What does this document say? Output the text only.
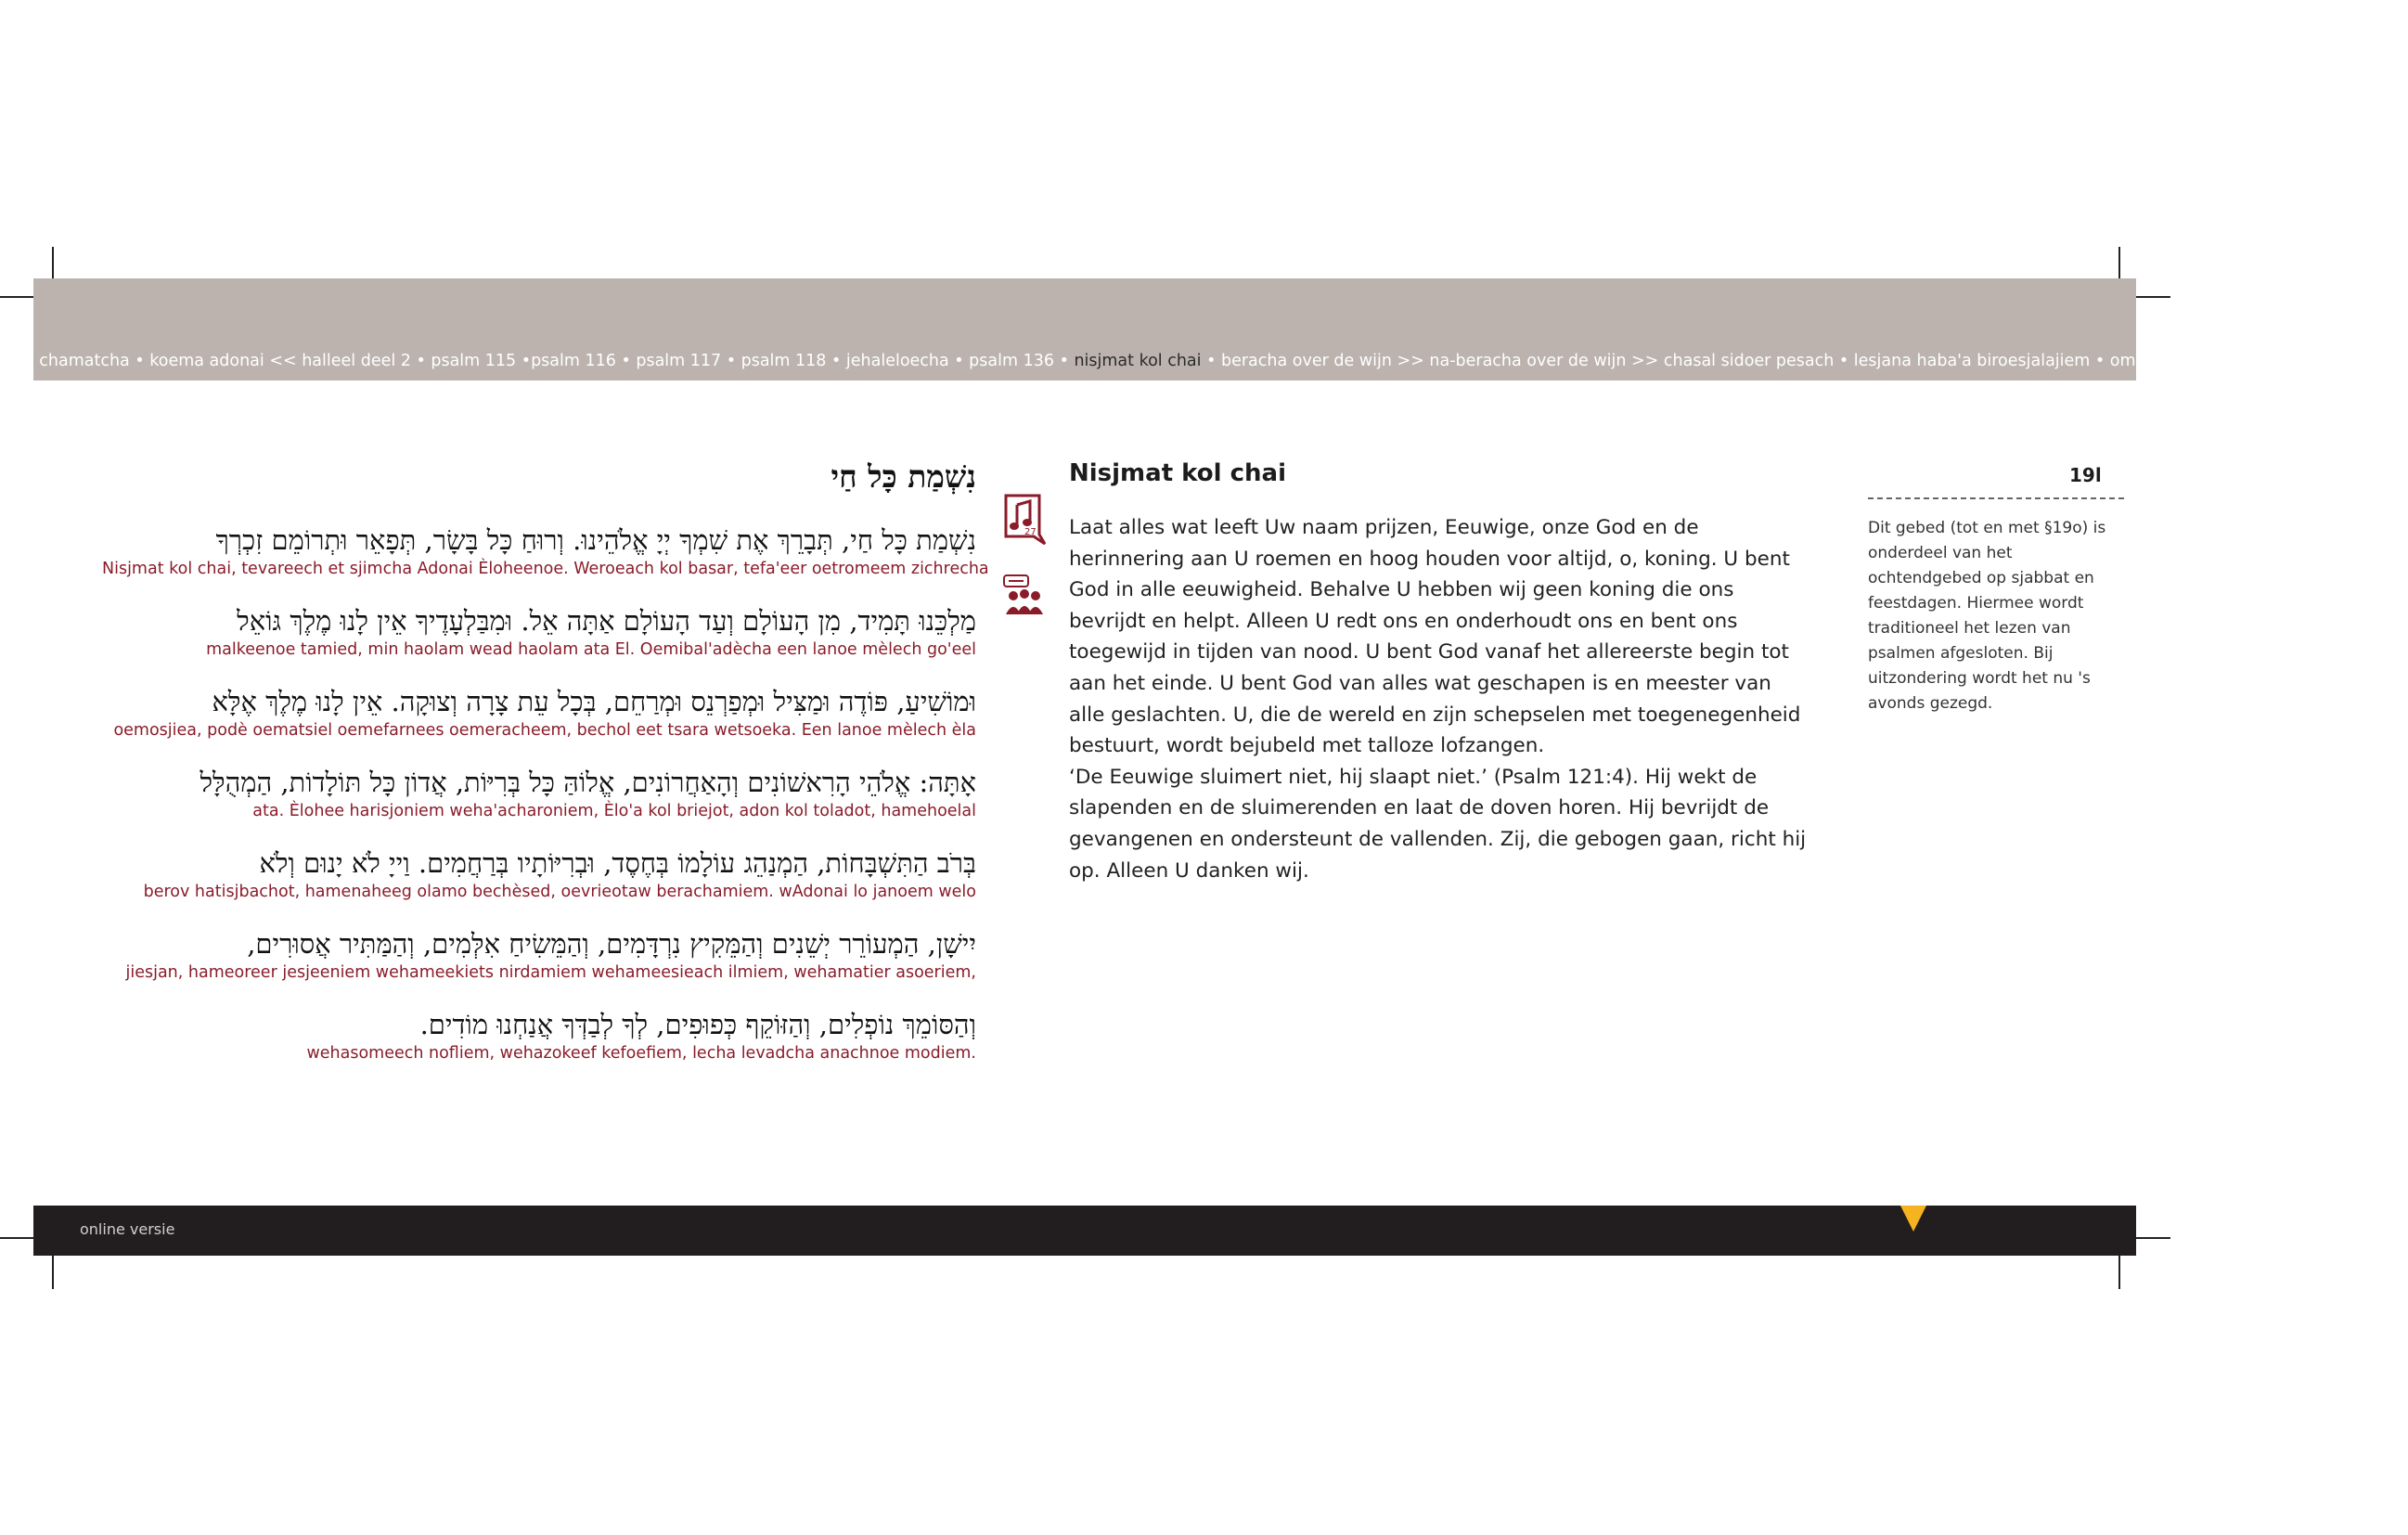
ch chamatcha • koema adonai << halleel deel 2 • psalm 115 •psalm 116 • psalm 117 • psalm 118 • jehaleloecha • psalm 136 • nisjmat kol chai • beracha over de wijn >> na-beracha over de wijn >> chasal sidoer pesach • lesjana haba'a biroesjalajiem • omertelling • wajehi bachatsi halajla
נִשְׁמַת כָּל חַי
נִשְׁמַת כָּל חַי, תְּבָרֵךְ אֶת שִׁמְךָ יְיָ אֱלֹהֵינוּ. וְרוּחַ כָּל בָּשָׂר, תְּפָאֵר וּתְרוֹמֵם זִכְרְךָ
Nisjmat kol chai, tevareech et sjimcha Adonai Èloheenoe. Weroeach kol basar, tefa'eer oetromeem zichrecha
מַלְכֵּנוּ תָּמִיד, מִן הָעוֹלָם וְעַד הָעוֹלָם אַתָּה אֵל. וּמִבַּלְעָדֶיךָ אֵין לָנוּ מֶלֶךְ גּוֹאֵל
malkeenoe tamied, min haolam wead haolam ata El. Oemibal'adècha een lanoe mèlech go'eel
וּמוֹשִׁיעַ, פּוֹדֶה וּמַצִּיל וּמְפַרְנֵס וּמְרַחֵם, בְּכָל עֵת צָרָה וְצוּקָה. אֵין לָנוּ מֶלֶךְ אֶלָּא
oemosjiea, podè oematsiel oemefarnees oemeracheem, bechol eet tsara wetsoeka. Een lanoe mèlech èla
אָתָּה: אֱלֹהֵי הָרִאשׁוֹנִים וְהָאַחֲרוֹנִים, אֱלוֹהַּ כָּל בְּרִיּוֹת, אֲדוֹן כָּל תּוֹלָדוֹת, הַמְהֻלָּל
ata. Èlohee harisjoniem weha'acharoniem, Èlo'a kol briejot, adon kol toladot, hamehoelal
בְּרֹב הַתִּשְׁבָּחוֹת, הַמְנַהֵג עוֹלָמוֹ בְּחֶסֶד, וּבְרִיּוֹתָיו בְּרַחֲמִים. וַייָ לֹא יָנוּם וְלֹא
berov hatisjbachot, hamenaheeg olamo bechèsed, oevrieotaw berachamiem. wAdonai lo janoem welo
יִישָׁן, הַמְעוֹרֵר יְשֵׁנִים וְהַמֵּקִיץ נִרְדָּמִים, וְהַמֵּשִׂיחַ אִלְּמִים, וְהַמַּתִּיר אֲסוּרִים,
jiesjan, hameoreer jesjeeniem wehameekiets nirdamiem wehameesieach ilmiem, wehamatier asoeriem,
וְהַסּוֹמֵךְ נוֹפְלִים, וְהַזּוֹקֵף כְּפוּפִים, לְךָ לְבַדְּךָ אֲנַחְנוּ מוֹדִים.
wehasomeech nofliem, wehazokeef kefoefiem, lecha levadcha anachnoe modiem.
27
Nisjmat kol chai	19l

Laat alles wat leeft Uw naam prijzen, Eeuwige, onze God en de herinnering aan U roemen en hoog houden voor altijd, o, koning. U bent God in alle eeuwigheid. Behalve U hebben wij geen koning die ons bevrijdt en helpt. Alleen U redt ons en onderhoudt ons en bent ons toegewijd in tijden van nood. U bent God vanaf het allereerste begin tot aan het einde. U bent God van alles wat geschapen is en meester van alle geslachten. U, die de wereld en zijn schepselen met toegenegenheid bestuurt, wordt bejubeld met talloze lofzangen.

‘De Eeuwige sluimert niet, hij slaapt niet.’ (Psalm 121:4). Hij wekt de slapenden en de sluimerenden en laat de doven horen. Hij bevrijdt de gevangenen en ondersteunt de vallenden. Zij, die gebogen gaan, richt hij op. Alleen U danken wij.

Dit gebed (tot en met §19o) is onderdeel van het ochtendgebed op sjabbat en feestdagen. Hiermee wordt traditioneel het lezen van psalmen afgesloten. Bij uitzondering wordt het nu 's avonds gezegd.
online versie
